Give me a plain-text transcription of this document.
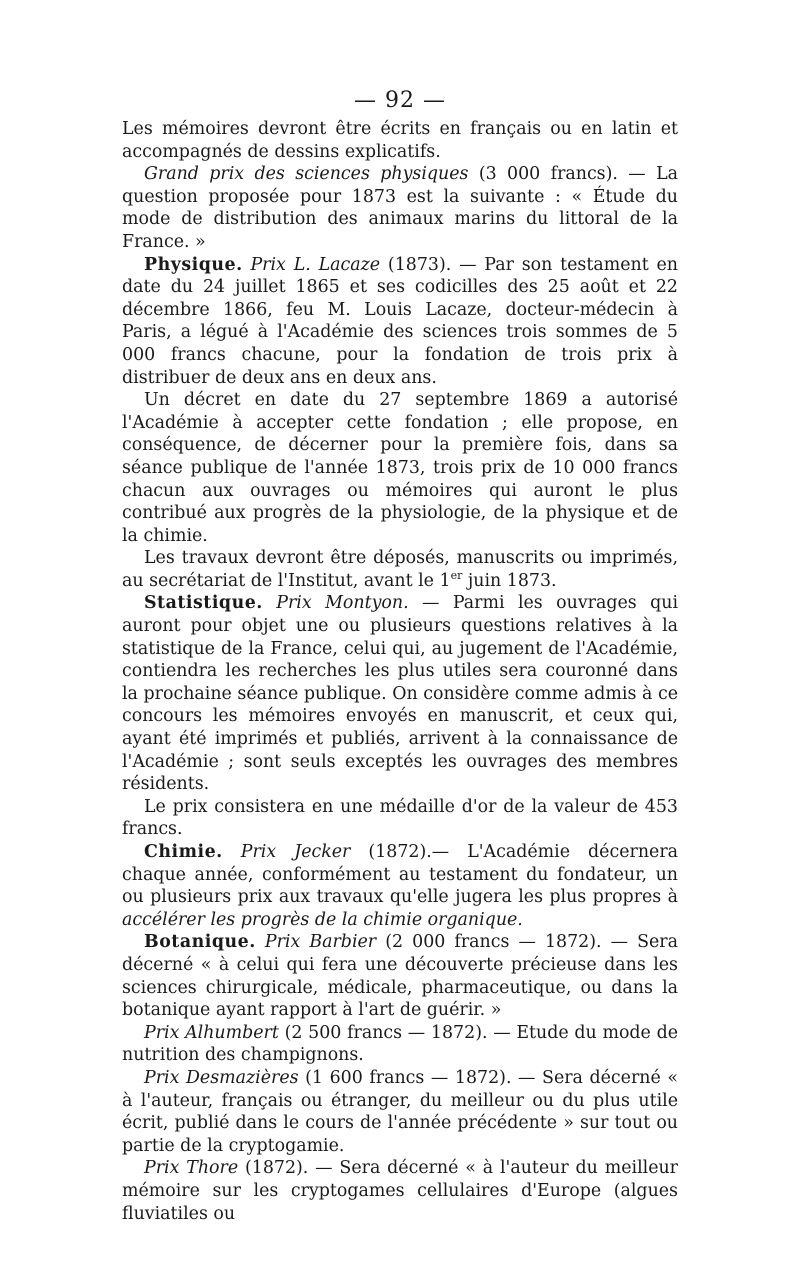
— 92 —

Les mémoires devront être écrits en français ou en latin et accompagnés de dessins explicatifs.

Grand prix des sciences physiques (3 000 francs). — La question proposée pour 1873 est la suivante : « Étude du mode de distribution des animaux marins du littoral de la France. »

Physique. Prix L. Lacaze (1873). — Par son testament en date du 24 juillet 1865 et ses codicilles des 25 août et 22 décembre 1866, feu M. Louis Lacaze, docteur-médecin à Paris, a légué à l'Académie des sciences trois sommes de 5 000 francs chacune, pour la fondation de trois prix à distribuer de deux ans en deux ans.

Un décret en date du 27 septembre 1869 a autorisé l'Académie à accepter cette fondation ; elle propose, en conséquence, de décerner pour la première fois, dans sa séance publique de l'année 1873, trois prix de 10 000 francs chacun aux ouvrages ou mémoires qui auront le plus contribué aux progrès de la physiologie, de la physique et de la chimie.

Les travaux devront être déposés, manuscrits ou imprimés, au secrétariat de l'Institut, avant le 1er juin 1873.

Statistique. Prix Montyon. — Parmi les ouvrages qui auront pour objet une ou plusieurs questions relatives à la statistique de la France, celui qui, au jugement de l'Académie, contiendra les recherches les plus utiles sera couronné dans la prochaine séance publique. On considère comme admis à ce concours les mémoires envoyés en manuscrit, et ceux qui, ayant été imprimés et publiés, arrivent à la connaissance de l'Académie ; sont seuls exceptés les ouvrages des membres résidents.

Le prix consistera en une médaille d'or de la valeur de 453 francs.

Chimie. Prix Jecker (1872).— L'Académie décernera chaque année, conformément au testament du fondateur, un ou plusieurs prix aux travaux qu'elle jugera les plus propres à accélérer les progrès de la chimie organique.

Botanique. Prix Barbier (2 000 francs — 1872). — Sera décerné « à celui qui fera une découverte précieuse dans les sciences chirurgicale, médicale, pharmaceutique, ou dans la botanique ayant rapport à l'art de guérir. »

Prix Alhumbert (2 500 francs — 1872). — Etude du mode de nutrition des champignons.

Prix Desmazières (1 600 francs — 1872). — Sera décerné « à l'auteur, français ou étranger, du meilleur ou du plus utile écrit, publié dans le cours de l'année précédente » sur tout ou partie de la cryptogamie.

Prix Thore (1872). — Sera décerné « à l'auteur du meilleur mémoire sur les cryptogames cellulaires d'Europe (algues fluviatiles ou
